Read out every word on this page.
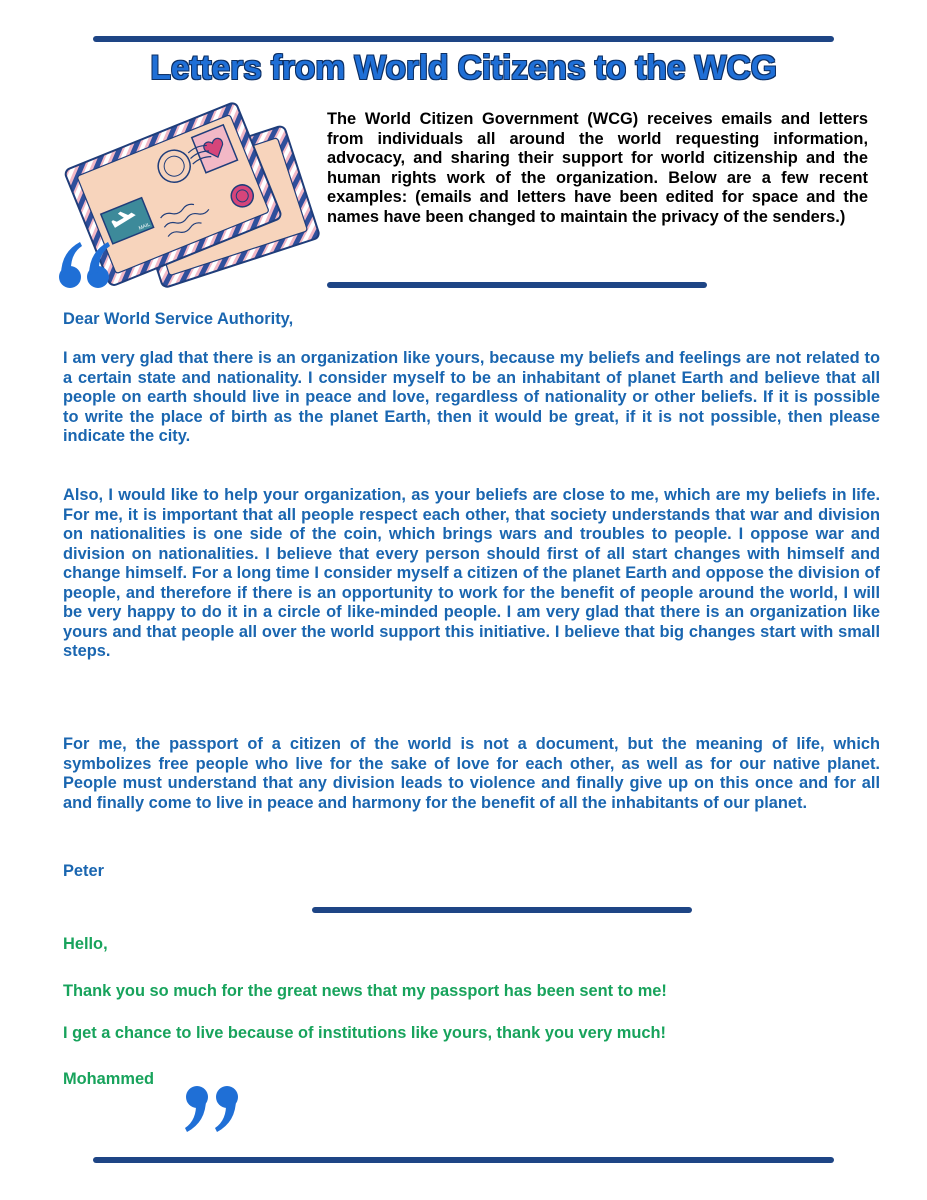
Letters from World Citizens to the WCG
MAIL
The World Citizen Government (WCG) receives emails and letters from individuals all around the world requesting information, advocacy, and sharing their support for world citizenship and the human rights work of the organization. Below are a few recent examples: (emails and letters have been edited for space and the names have been changed to maintain the privacy of the senders.)
Dear World Service Authority,
I am very glad that there is an organization like yours, because my beliefs and feelings are not related to a certain state and nationality. I consider myself to be an inhabitant of planet Earth and believe that all people on earth should live in peace and love, regardless of nationality or other beliefs. If it is possible to write the place of birth as the planet Earth, then it would be great, if it is not possible, then please indicate the city.
Also, I would like to help your organization, as your beliefs are close to me, which are my beliefs in life. For me, it is important that all people respect each other, that society understands that war and division on nationalities is one side of the coin, which brings wars and troubles to people. I oppose war and division on nationalities. I believe that every person should first of all start changes with himself and change himself. For a long time I consider myself a citizen of the planet Earth and oppose the division of people, and therefore if there is an opportunity to work for the benefit of people around the world, I will be very happy to do it in a circle of like-minded people. I am very glad that there is an organization like yours and that people all over the world support this initiative. I believe that big changes start with small steps.
For me, the passport of a citizen of the world is not a document, but the meaning of life, which symbolizes free people who live for the sake of love for each other, as well as for our native planet. People must understand that any division leads to violence and finally give up on this once and for all and finally come to live in peace and harmony for the benefit of all the inhabitants of our planet.
Peter
Hello,
Thank you so much for the great news that my passport has been sent to me!
I get a chance to live because of institutions like yours, thank you very much!
Mohammed
